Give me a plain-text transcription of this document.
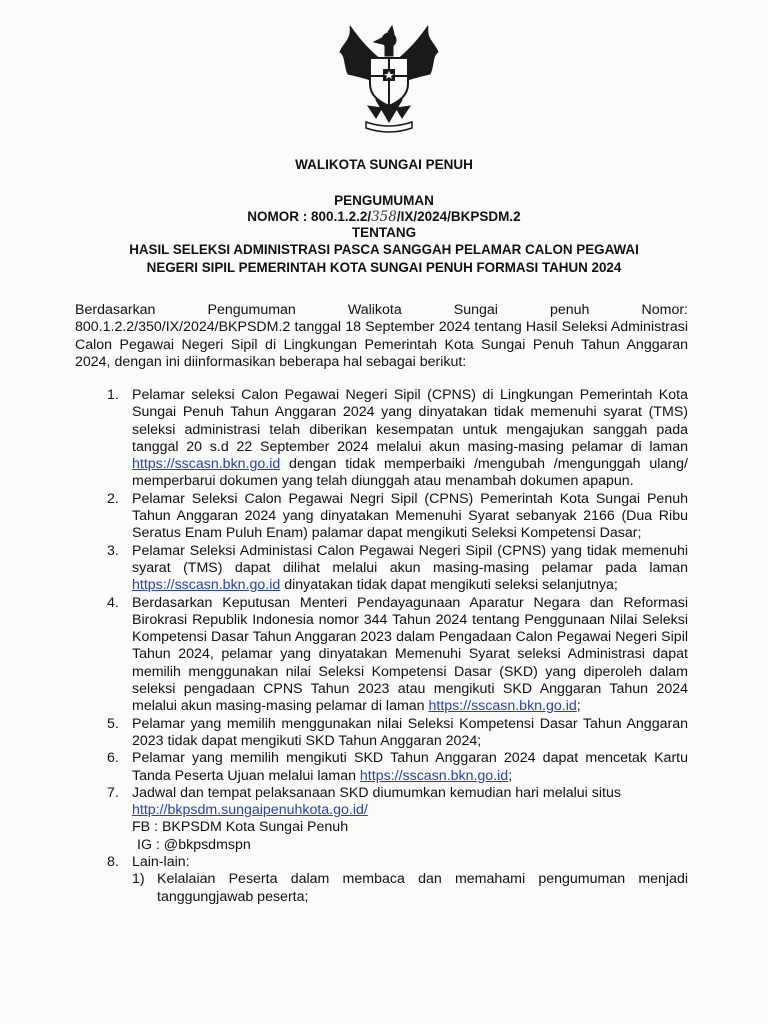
WALIKOTA SUNGAI PENUH
PENGUMUMAN
NOMOR : 800.1.2.2/358/IX/2024/BKPSDM.2
TENTANG
HASIL SELEKSI ADMINISTRASI PASCA SANGGAH PELAMAR CALON PEGAWAI
NEGERI SIPIL PEMERINTAH KOTA SUNGAI PENUH FORMASI TAHUN 2024
Berdasarkan Pengumuman Walikota Sungai penuh Nomor:
800.1.2.2/350/IX/2024/BKPSDM.2 tanggal 18 September 2024 tentang Hasil Seleksi Administrasi Calon Pegawai Negeri Sipil di Lingkungan Pemerintah Kota Sungai Penuh Tahun Anggaran 2024, dengan ini diinformasikan beberapa hal sebagai berikut:
1. Pelamar seleksi Calon Pegawai Negeri Sipil (CPNS) di Lingkungan Pemerintah Kota Sungai Penuh Tahun Anggaran 2024 yang dinyatakan tidak memenuhi syarat (TMS) seleksi administrasi telah diberikan kesempatan untuk mengajukan sanggah pada tanggal 20 s.d 22 September 2024 melalui akun masing-masing pelamar di laman https://sscasn.bkn.go.id dengan tidak memperbaiki /mengubah /mengunggah ulang/ memperbarui dokumen yang telah diunggah atau menambah dokumen apapun.
2. Pelamar Seleksi Calon Pegawai Negri Sipil (CPNS) Pemerintah Kota Sungai Penuh Tahun Anggaran 2024 yang dinyatakan Memenuhi Syarat sebanyak 2166 (Dua Ribu Seratus Enam Puluh Enam) palamar dapat mengikuti Seleksi Kompetensi Dasar;
3. Pelamar Seleksi Administasi Calon Pegawai Negeri Sipil (CPNS) yang tidak memenuhi syarat (TMS) dapat dilihat melalui akun masing-masing pelamar pada laman https://sscasn.bkn.go.id dinyatakan tidak dapat mengikuti seleksi selanjutnya;
4. Berdasarkan Keputusan Menteri Pendayagunaan Aparatur Negara dan Reformasi Birokrasi Republik Indonesia nomor 344 Tahun 2024 tentang Penggunaan Nilai Seleksi Kompetensi Dasar Tahun Anggaran 2023 dalam Pengadaan Calon Pegawai Negeri Sipil Tahun 2024, pelamar yang dinyatakan Memenuhi Syarat seleksi Administrasi dapat memilih menggunakan nilai Seleksi Kompetensi Dasar (SKD) yang diperoleh dalam seleksi pengadaan CPNS Tahun 2023 atau mengikuti SKD Anggaran Tahun 2024 melalui akun masing-masing pelamar di laman https://sscasn.bkn.go.id;
5. Pelamar yang memilih menggunakan nilai Seleksi Kompetensi Dasar Tahun Anggaran 2023 tidak dapat mengikuti SKD Tahun Anggaran 2024;
6. Pelamar yang memilih mengikuti SKD Tahun Anggaran 2024 dapat mencetak Kartu Tanda Peserta Ujuan melalui laman https://sscasn.bkn.go.id;
7. Jadwal dan tempat pelaksanaan SKD diumumkan kemudian hari melalui situs
http://bkpsdm.sungaipenuhkota.go.id/
FB : BKPSDM Kota Sungai Penuh
IG : @bkpsdmspn
8. Lain-lain:
1) Kelalaian Peserta dalam membaca dan memahami pengumuman menjadi tanggungjawab peserta;
